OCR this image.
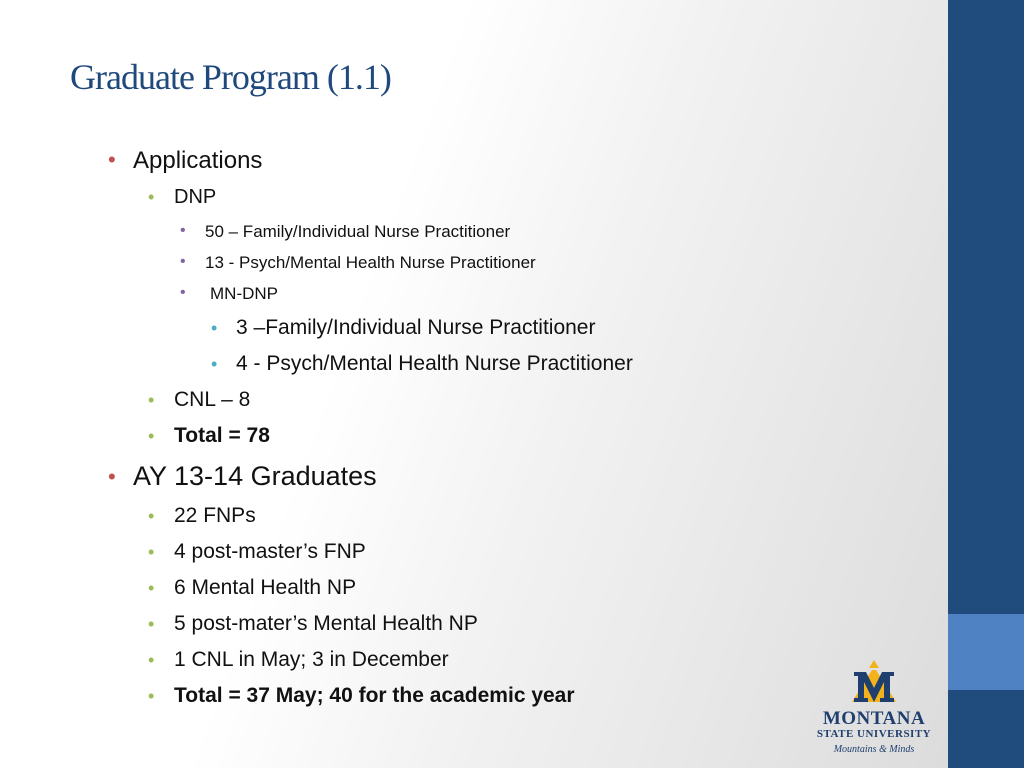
Graduate Program (1.1)
• Applications
• DNP
• 50 – Family/Individual Nurse Practitioner
• 13 - Psych/Mental Health Nurse Practitioner
• MN-DNP
• 3 –Family/Individual Nurse Practitioner
• 4 - Psych/Mental Health Nurse Practitioner
• CNL – 8
• Total = 78
• AY 13-14 Graduates
• 22 FNPs
• 4 post-master’s FNP
• 6 Mental Health NP
• 5 post-mater’s Mental Health NP
• 1 CNL in May; 3 in December
• Total = 37 May; 40 for the academic year
MONTANA
STATE UNIVERSITY
Mountains & Minds
